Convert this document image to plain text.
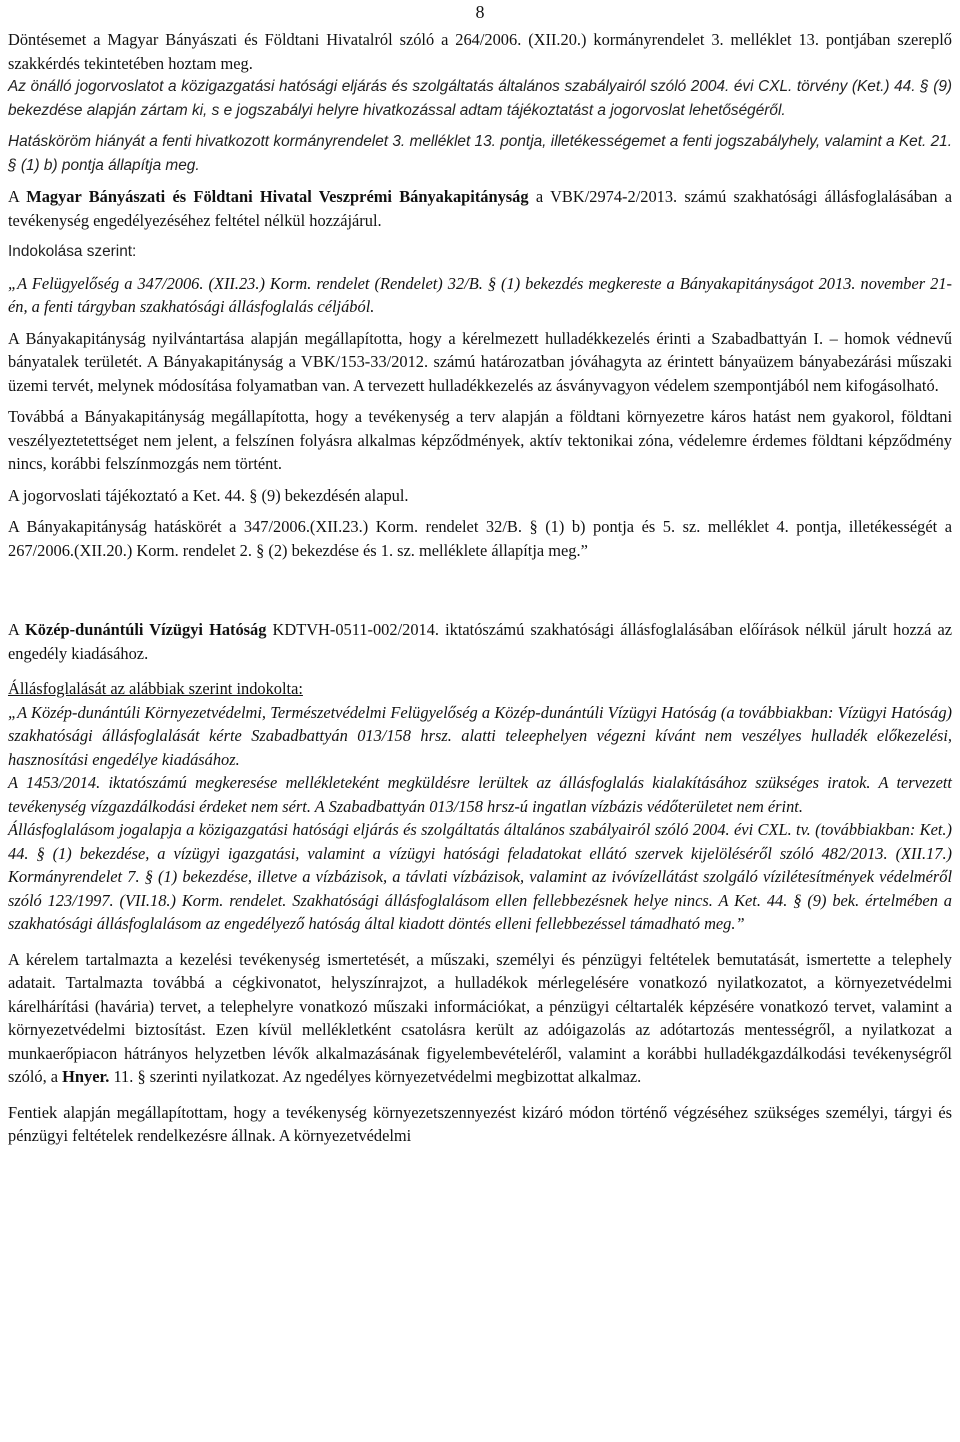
8

Döntésemet a Magyar Bányászati és Földtani Hivatalról szóló a 264/2006. (XII.20.) kormányrendelet 3. melléklet 13. pontjában szereplő szakkérdés tekintetében hoztam meg.

Az önálló jogorvoslatot a közigazgatási hatósági eljárás és szolgáltatás általános szabályairól szóló 2004. évi CXL. törvény (Ket.) 44. § (9) bekezdése alapján zártam ki, s e jogszabályi helyre hivatkozással adtam tájékoztatást a jogorvoslat lehetőségéről.

Hatásköröm hiányát a fenti hivatkozott kormányrendelet 3. melléklet 13. pontja, illetékességemet a fenti jogszabályhely, valamint a Ket. 21. § (1) b) pontja állapítja meg.

A Magyar Bányászati és Földtani Hivatal Veszprémi Bányakapitányság a VBK/2974-2/2013. számú szakhatósági állásfoglalásában a tevékenység engedélyezéséhez feltétel nélkül hozzájárul.

Indokolása szerint:

„A Felügyelőség a 347/2006. (XII.23.) Korm. rendelet (Rendelet) 32/B. § (1) bekezdés megkereste a Bányakapitányságot 2013. november 21-én, a fenti tárgyban szakhatósági állásfoglalás céljából.

A Bányakapitányság nyilvántartása alapján megállapította, hogy a kérelmezett hulladékkezelés érinti a Szabadbattyán I. – homok védnevű bányatalek területét. A Bányakapitányság a VBK/153-33/2012. számú határozatban jóváhagyta az érintett bányaüzem bányabezárási műszaki üzemi tervét, melynek módosítása folyamatban van. A tervezett hulladékkezelés az ásványvagyon védelem szempontjából nem kifogásolható.

Továbbá a Bányakapitányság megállapította, hogy a tevékenység a terv alapján a földtani környezetre káros hatást nem gyakorol, földtani veszélyeztetettséget nem jelent, a felszínen folyásra alkalmas képződmények, aktív tektonikai zóna, védelemre érdemes földtani képződmény nincs, korábbi felszínmozgás nem történt.

A jogorvoslati tájékoztató a Ket. 44. § (9) bekezdésén alapul.

A Bányakapitányság hatáskörét a 347/2006.(XII.23.) Korm. rendelet 32/B. § (1) b) pontja és 5. sz. melléklet 4. pontja, illetékességét a 267/2006.(XII.20.) Korm. rendelet 2. § (2) bekezdése és 1. sz. melléklete állapítja meg.”

A Közép-dunántúli Vízügyi Hatóság KDTVH-0511-002/2014. iktatószámú szakhatósági állásfoglalásában előírások nélkül járult hozzá az engedély kiadásához.

Állásfoglalását az alábbiak szerint indokolta:

„A Közép-dunántúli Környezetvédelmi, Természetvédelmi Felügyelőség a Közép-dunántúli Vízügyi Hatóság (a továbbiakban: Vízügyi Hatóság) szakhatósági állásfoglalását kérte Szabadbattyán 013/158 hrsz. alatti teleephelyen végezni kívánt nem veszélyes hulladék előkezelési, hasznosítási engedélye kiadásához.

A 1453/2014. iktatószámú megkeresése mellékleteként megküldésre lerültek az állásfoglalás kialakításához szükséges iratok. A tervezett tevékenység vízgazdálkodási érdeket nem sért. A Szabadbattyán 013/158 hrsz-ú ingatlan vízbázis védőterületet nem érint.

Állásfoglalásom jogalapja a közigazgatási hatósági eljárás és szolgáltatás általános szabályairól szóló 2004. évi CXL. tv. (továbbiakban: Ket.) 44. § (1) bekezdése, a vízügyi igazgatási, valamint a vízügyi hatósági feladatokat ellátó szervek kijelöléséről szóló 482/2013. (XII.17.) Kormányrendelet 7. § (1) bekezdése, illetve a vízbázisok, a távlati vízbázisok, valamint az ivóvízellátást szolgáló vízilétesítmények védelméről szóló 123/1997. (VII.18.) Korm. rendelet. Szakhatósági állásfoglalásom ellen fellebbezésnek helye nincs. A Ket. 44. § (9) bek. értelmében a szakhatósági állásfoglalásom az engedélyező hatóság által kiadott döntés elleni fellebbezéssel támadható meg.”

A kérelem tartalmazta a kezelési tevékenység ismertetését, a műszaki, személyi és pénzügyi feltételek bemutatását, ismertette a telephely adatait. Tartalmazta továbbá a cégkivonatot, helyszínrajzot, a hulladékok mérlegelésére vonatkozó nyilatkozatot, a környezetvédelmi kárelhárítási (havária) tervet, a telephelyre vonatkozó műszaki információkat, a pénzügyi céltartalék képzésére vonatkozó tervet, valamint a környezetvédelmi biztosítást. Ezen kívül mellékletként csatolásra került az adóigazolás az adótartozás mentességről, a nyilatkozat a munkaerőpiacon hátrányos helyzetben lévők alkalmazásának figyelembevételéről, valamint a korábbi hulladékgazdálkodási tevékenységről szóló, a Hnyer. 11. § szerinti nyilatkozat. Az ngedélyes környezetvédelmi megbizottat alkalmaz.

Fentiek alapján megállapítottam, hogy a tevékenység környezetszennyezést kizáró módon történő végzéséhez szükséges személyi, tárgyi és pénzügyi feltételek rendelkezésre állnak. A környezetvédelmi
